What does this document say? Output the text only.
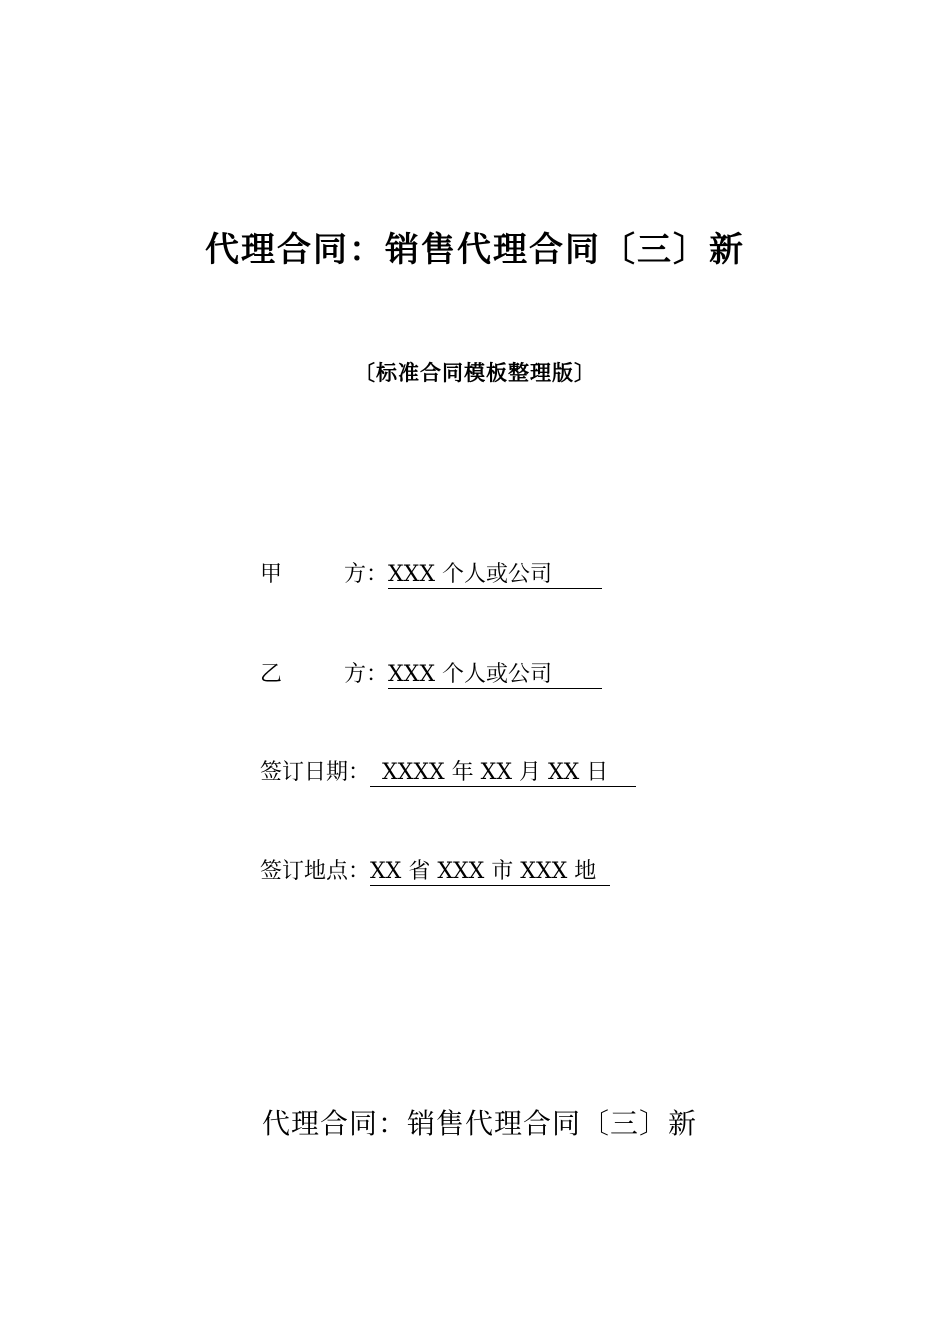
代理合同：销售代理合同〔三〕新
〔标准合同模板整理版〕
甲	方： XXX 个人或公司
乙	方： XXX 个人或公司
签订日期： XXXX 年 XX 月 XX 日
签订地点：XX 省 XXX 市 XXX 地
代理合同：销售代理合同〔三〕新
